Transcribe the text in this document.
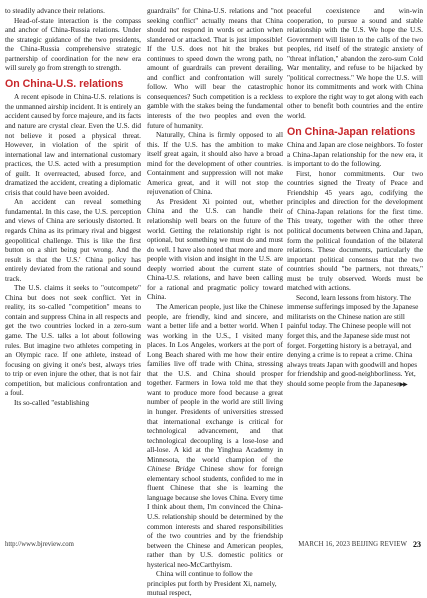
to steadily advance their relations.

Head-of-state interaction is the compass and anchor of China-Russia relations. Under the strategic guidance of the two presidents, the China-Russia comprehensive strategic partnership of coordination for the new era will surely go from strength to strength.

On China-U.S. relations

A recent episode in China-U.S. relations is the unmanned airship incident. It is entirely an accident caused by force majeure, and its facts and nature are crystal clear. Even the U.S. did not believe it posed a physical threat. However, in violation of the spirit of international law and international customary practices, the U.S. acted with a presumption of guilt. It overreacted, abused force, and dramatized the accident, creating a diplomatic crisis that could have been avoided.

An accident can reveal something fundamental. In this case, the U.S. perception and views of China are seriously distorted. It regards China as its primary rival and biggest geopolitical challenge. This is like the first button on a shirt being put wrong. And the result is that the U.S.' China policy has entirely deviated from the rational and sound track.

The U.S. claims it seeks to "outcompete" China but does not seek conflict. Yet in reality, its so-called "competition" means to contain and suppress China in all respects and get the two countries locked in a zero-sum game. The U.S. talks a lot about following rules. But imagine two athletes competing in an Olympic race. If one athlete, instead of focusing on giving it one's best, always tries to trip or even injure the other, that is not fair competition, but malicious confrontation and a foul.

Its so-called "establishing

guardrails" for China-U.S. relations and "not seeking conflict" actually means that China should not respond in words or action when slandered or attacked. That is just impossible! If the U.S. does not hit the brakes but continues to speed down the wrong path, no amount of guardrails can prevent derailing, and conflict and confrontation will surely follow. Who will bear the catastrophic consequences? Such competition is a reckless gamble with the stakes being the fundamental interests of the two peoples and even the future of humanity.

Naturally, China is firmly opposed to all this. If the U.S. has the ambition to make itself great again, it should also have a broad mind for the development of other countries. Containment and suppression will not make America great, and it will not stop the rejuvenation of China.

As President Xi pointed out, whether China and the U.S. can handle their relationship well bears on the future of the world. Getting the relationship right is not optional, but something we must do and must do well. I have also noted that more and more people with vision and insight in the U.S. are deeply worried about the current state of China-U.S. relations, and have been calling for a rational and pragmatic policy toward China.

The American people, just like the Chinese people, are friendly, kind and sincere, and want a better life and a better world. When I was working in the U.S., I visited many places. In Los Angeles, workers at the port of Long Beach shared with me how their entire families live off trade with China, stressing that the U.S. and China should prosper together. Farmers in Iowa told me that they want to produce more food because a great number of people in the world are still living in hunger. Presidents of universities stressed that international exchange is critical for technological advancement, and that technological decoupling is a lose-lose and all-lose. A kid at the Yinghua Academy in Minnesota, the world champion of the Chinese Bridge Chinese show for foreign elementary school students, confided to me in fluent Chinese that she is learning the language because she loves China. Every time I think about them, I'm convinced the China-U.S. relationship should be determined by the common interests and shared responsibilities of the two countries and by the friendship between the Chinese and American peoples, rather than by U.S. domestic politics or hysterical neo-McCarthyism.

China will continue to follow the principles put forth by President Xi, namely, mutual respect,

peaceful coexistence and win-win cooperation, to pursue a sound and stable relationship with the U.S. We hope the U.S. Government will listen to the calls of the two peoples, rid itself of the strategic anxiety of "threat inflation," abandon the zero-sum Cold War mentality, and refuse to be hijacked by "political correctness." We hope the U.S. will honor its commitments and work with China to explore the right way to get along with each other to benefit both countries and the entire world.

On China-Japan relations

China and Japan are close neighbors. To foster a China-Japan relationship for the new era, it is important to do the following.

First, honor commitments. Our two countries signed the Treaty of Peace and Friendship 45 years ago, codifying the principles and direction for the development of China-Japan relations for the first time. This treaty, together with the other three political documents between China and Japan, form the political foundation of the bilateral relations. These documents, particularly the important political consensus that the two countries should "be partners, not threats," must be truly observed. Words must be matched with actions.

Second, learn lessons from history. The immense sufferings imposed by the Japanese militarists on the Chinese nation are still painful today. The Chinese people will not forget this, and the Japanese side must not forget. Forgetting history is a betrayal, and denying a crime is to repeat a crime. China always treats Japan with goodwill and hopes for friendship and good-neighborliness. Yet, should some people from the Japanese▶▶

http://www.bjreview.com	MARCH 16, 2023 BEIJING REVIEW 23
